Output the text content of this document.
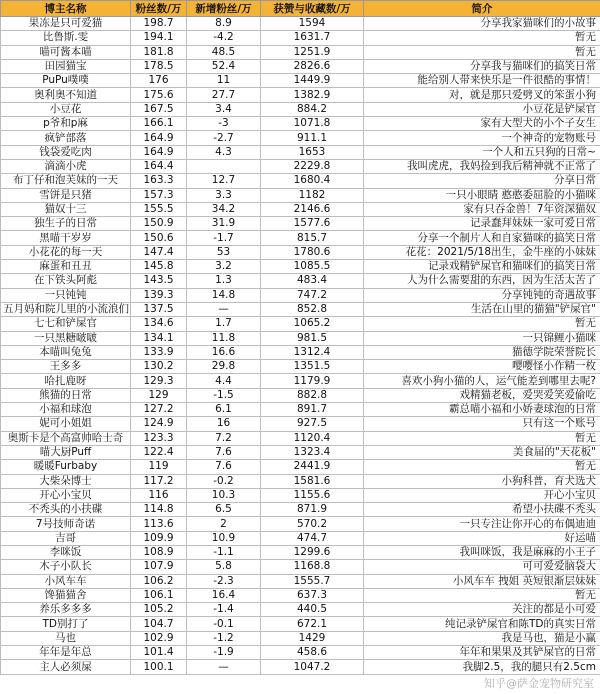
博主名称	粉丝数/万	新增粉丝/万	获赞与收藏数/万	简介
果冻是只可爱猫	198.7	8.9	1594	分享我家猫咪们的小故事
比鲁斯.雯	194.1	-4.2	1631.7	暂无
喵可酱本喵	181.8	48.5	1251.9	暂无
田园猫宝	178.5	52.4	2826.6	分享我与猫咪们的搞笑日常
PuPu噗噗	176	11	1449.9	能给别人带来快乐是一件很酷的事情！
奥利奥不知道	175.6	27.7	1382.9	对，就是那只爱劈叉的笨蛋小狗
小豆花	167.5	3.4	884.2	小豆花是铲屎官
p爷和p麻	166.1	-3	1071.8	家有大型犬的小个子女生
疯铲部落	164.9	-2.7	911.1	一个神奇的宠物账号
钱袋爱吃肉	164.9	4.3	1653	一个人和五只狗的日常~
滴滴小虎	164.4		2229.8	我叫虎虎，我妈捡到我后精神就不正常了
布丁仔和泡芙妹的一天	163.3	12.7	1680.4	分享日常
雪饼是只猪	157.3	3.3	1182	一只小眼睛 憨憨委屈脸的小猫咪
猫奴十三	155.5	34.2	2146.6	家有只吞金兽！7年资深猫奴
独生子的日常	150.9	31.9	1577.6	记录蠢拜妹妹一家可爱日常
黑喵干岁岁	150.6	-1.7	815.7	分享一个制片人和自家猫咪的搞笑日常
小花花的每一天	147.4	53	1780.6	花花：2021/5/18出生，金牛座的小妹妹
麻蛋和丑丑	145.8	3.2	1085.5	记录戏精铲屎官和猫咪们的搞笑日常
在下铁头阿彪	143.5	1.3	483.4	人为什么需要甜的东西，因为生活太苦了
一只钝钝	139.3	14.8	747.2	分享钝钝的奇遇故事
五月妈和院儿里的小流浪们	137.5	—	852.8	生活在山里的猫猫"铲屎官"
七七和铲屎官	134.6	1.7	1065.2	暂无
一只黑糖啵啵	134.1	11.8	981.5	一只锦鲤小猫咪
本喵叫兔兔	133.9	16.6	1312.4	猫德学院荣誉院长
王多多	130.2	29.8	1351.5	嘤嘤怪小作精一枚
哈扎鹿呀	129.3	4.4	1179.9	喜欢小狗小猫的人，运气能差到哪里去呢?
熊猫的日常	129	-1.5	882.8	戏精猫老板，爱哭爱笑爱偷吃
小福和球泡	127.2	6.1	891.7	霸总喵小福和小娇妻球泡的日常
妮可小姐姐	124.9	16	927.5	只有这一个账号
奥斯卡是个高富帅哈士奇	123.3	7.2	1120.4	暂无
喵大厨Puff	122.4	7.6	1323.4	美食届的"天花板"
暖暖Furbaby	119	7.6	2441.9	暂无
大柴朵博士	117.2	-0.2	1581.6	小狗科普，育犬选犬
开心小宝贝	116	10.3	1155.6	开心小宝贝
不秃头的小扶碟	114.8	6.5	871.9	希望小扶碟不秃头
7号技师奇诺	113.6	2	570.2	一只专注让你开心的布偶迪迪
吉哥	109.9	10.9	474.7	好运喵
李咪饭	108.9	-1.1	1299.6	我叫咪饭，我是麻麻的小王子
木子小队长	107.9	5.8	1168.8	可可爱爱脑袋大
小风车车	106.2	-2.3	1555.7	小风车车 拽姐 英短银渐层妹妹
馋猫猫舍	106.1	16.4	637.3	暂无
养乐多多多	105.2	-1.4	440.5	关注的都是小可爱
TD别打了	104.7	-0.1	672.1	纯记录铲屎官和陈TD的真实日常
马也	102.9	-1.2	1429	我是马也，猫是小赢
年年是年总	101.4	-1.9	458.6	年年和果果及其铲屎官的日常
主人必须屎	100.1	—	1047.2	我脚2.5，我的腿只有2.5cm
知乎@萨金宠物研究室
